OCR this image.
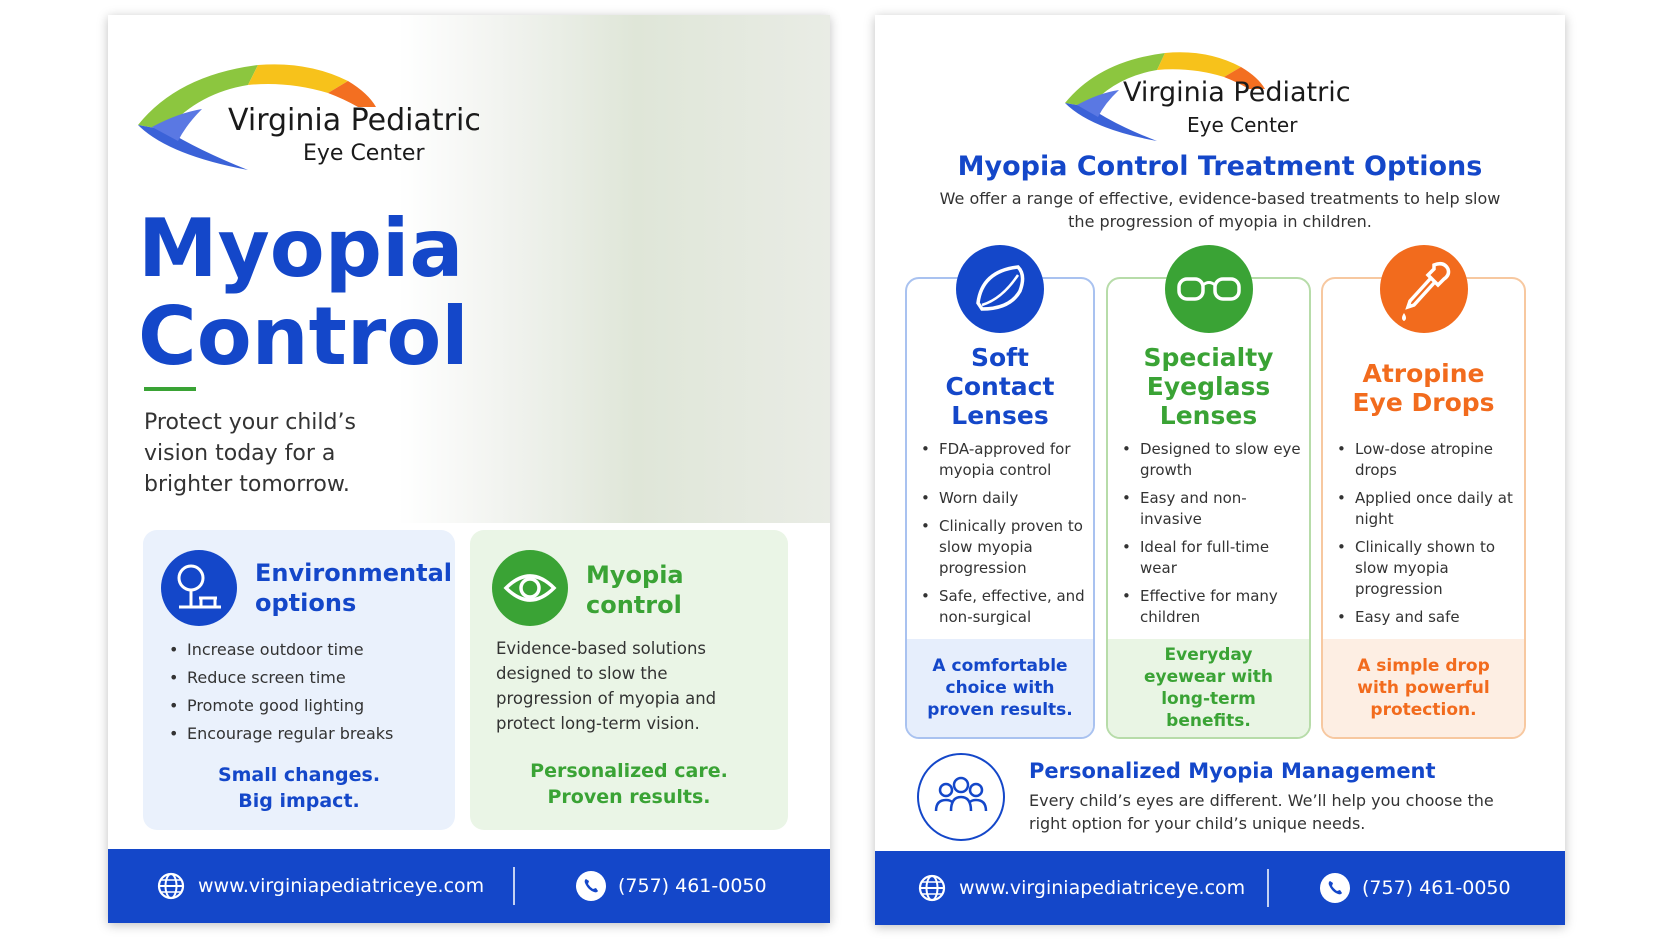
Virginia Pediatric
Eye Center
Myopia
Control
Protect your child’s vision today for a brighter tomorrow.
Environmental
options
• Increase outdoor time
• Reduce screen time
• Promote good lighting
• Encourage regular breaks
Small changes.
Big impact.
Myopia
control
Evidence-based solutions designed to slow the progression of myopia and protect long-term vision.
Personalized care.
Proven results.
www.virginiapediatriceye.com	(757) 461-0050
Virginia Pediatric
Eye Center
Myopia Control Treatment Options
We offer a range of effective, evidence-based treatments to help slow the progression of myopia in children.
Soft
Contact
Lenses
• FDA-approved for myopia control
• Worn daily
• Clinically proven to slow myopia progression
• Safe, effective, and non-surgical
A comfortable choice with proven results.
Specialty
Eyeglass
Lenses
• Designed to slow eye growth
• Easy and non-invasive
• Ideal for full-time wear
• Effective for many children
Everyday eyewear with long-term benefits.
Atropine
Eye Drops
• Low-dose atropine drops
• Applied once daily at night
• Clinically shown to slow myopia progression
• Easy and safe
A simple drop with powerful protection.
Personalized Myopia Management
Every child’s eyes are different. We’ll help you choose the right option for your child’s unique needs.
www.virginiapediatriceye.com	(757) 461-0050
